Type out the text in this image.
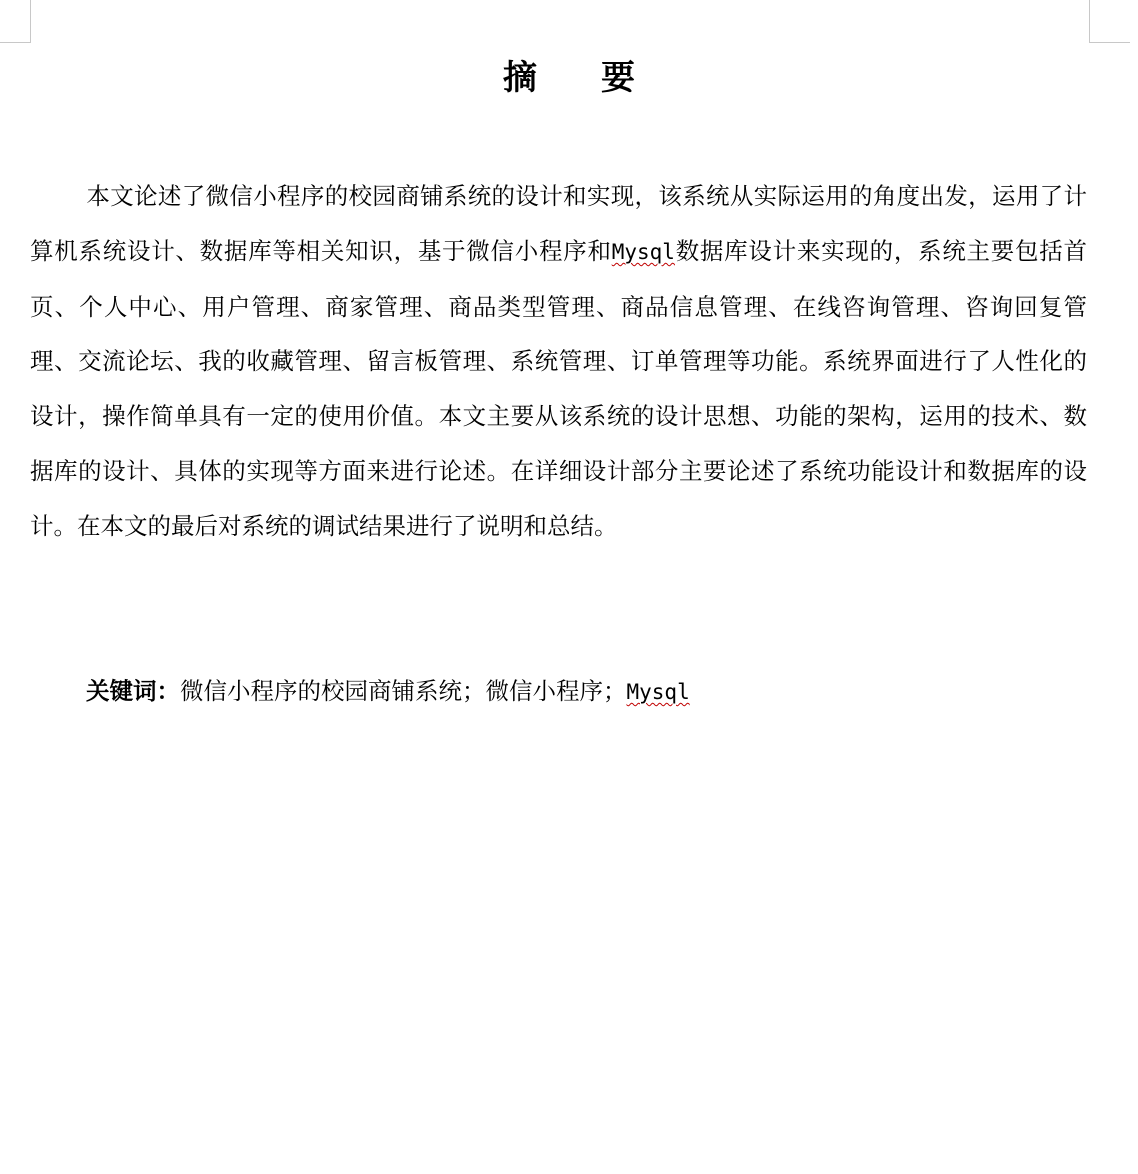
摘 要

本文论述了微信小程序的校园商铺系统的设计和实现，该系统从实际运用的角度出发，运用了计算机系统设计、数据库等相关知识，基于微信小程序和Mysql数据库设计来实现的，系统主要包括首页、个人中心、用户管理、商家管理、商品类型管理、商品信息管理、在线咨询管理、咨询回复管理、交流论坛、我的收藏管理、留言板管理、系统管理、订单管理等功能。系统界面进行了人性化的设计，操作简单具有一定的使用价值。本文主要从该系统的设计思想、功能的架构，运用的技术、数据库的设计、具体的实现等方面来进行论述。在详细设计部分主要论述了系统功能设计和数据库的设计。在本文的最后对系统的调试结果进行了说明和总结。

关键词：微信小程序的校园商铺系统；微信小程序；Mysql
